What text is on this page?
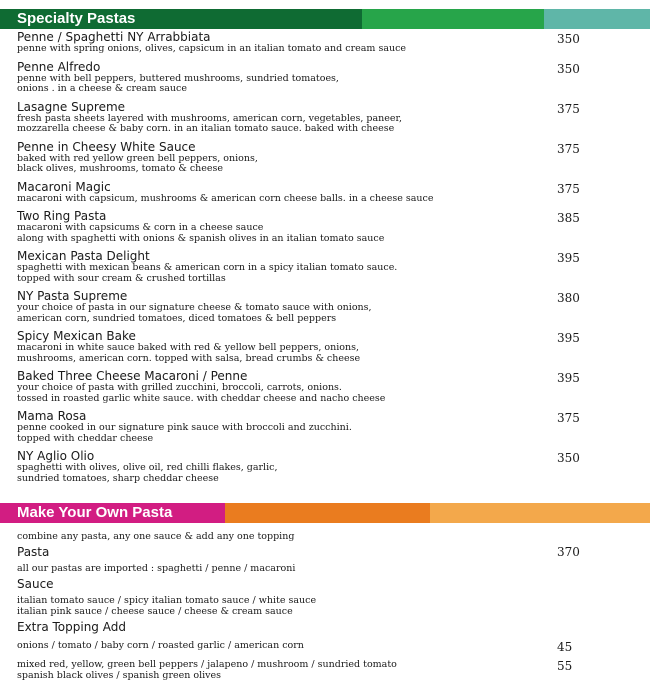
Specialty Pastas
Penne / Spaghetti NY Arrabbiata
penne with spring onions, olives, capsicum in an italian tomato and cream sauce
350
Penne Alfredo
penne with bell peppers, buttered mushrooms, sundried tomatoes,
onions . in a cheese & cream sauce
350
Lasagne Supreme
fresh pasta sheets layered with mushrooms, american corn, vegetables, paneer,
mozzarella cheese & baby corn. in an italian tomato sauce. baked with cheese
375
Penne in Cheesy White Sauce
baked with red yellow green bell peppers, onions,
black olives, mushrooms, tomato & cheese
375
Macaroni Magic
macaroni with capsicum, mushrooms & american corn cheese balls. in a cheese sauce
375
Two Ring Pasta
macaroni with capsicums & corn in a cheese sauce
along with spaghetti with onions & spanish olives in an italian tomato sauce
385
Mexican Pasta Delight
spaghetti with mexican beans & american corn in a spicy italian tomato sauce.
topped with sour cream & crushed tortillas
395
NY Pasta Supreme
your choice of pasta in our signature cheese & tomato sauce with onions,
american corn, sundried tomatoes, diced tomatoes & bell peppers
380
Spicy Mexican Bake
macaroni in white sauce baked with red & yellow bell peppers, onions,
mushrooms, american corn. topped with salsa, bread crumbs & cheese
395
Baked Three Cheese Macaroni / Penne
your choice of pasta with grilled zucchini, broccoli, carrots, onions.
tossed in roasted garlic white sauce. with cheddar cheese and nacho cheese
395
Mama Rosa
penne cooked in our signature pink sauce with broccoli and zucchini.
topped with cheddar cheese
375
NY Aglio Olio
spaghetti with olives, olive oil, red chilli flakes, garlic,
sundried tomatoes, sharp cheddar cheese
350
Make Your Own Pasta
combine any pasta, any one sauce & add any one topping
Pasta	370
all our pastas are imported : spaghetti / penne / macaroni
Sauce
italian tomato sauce / spicy italian tomato sauce / white sauce
italian pink sauce / cheese sauce / cheese & cream sauce
Extra Topping Add
onions / tomato / baby corn / roasted garlic / american corn	45
mixed red, yellow, green bell peppers / jalapeno / mushroom / sundried tomato
spanish black olives / spanish green olives
55
